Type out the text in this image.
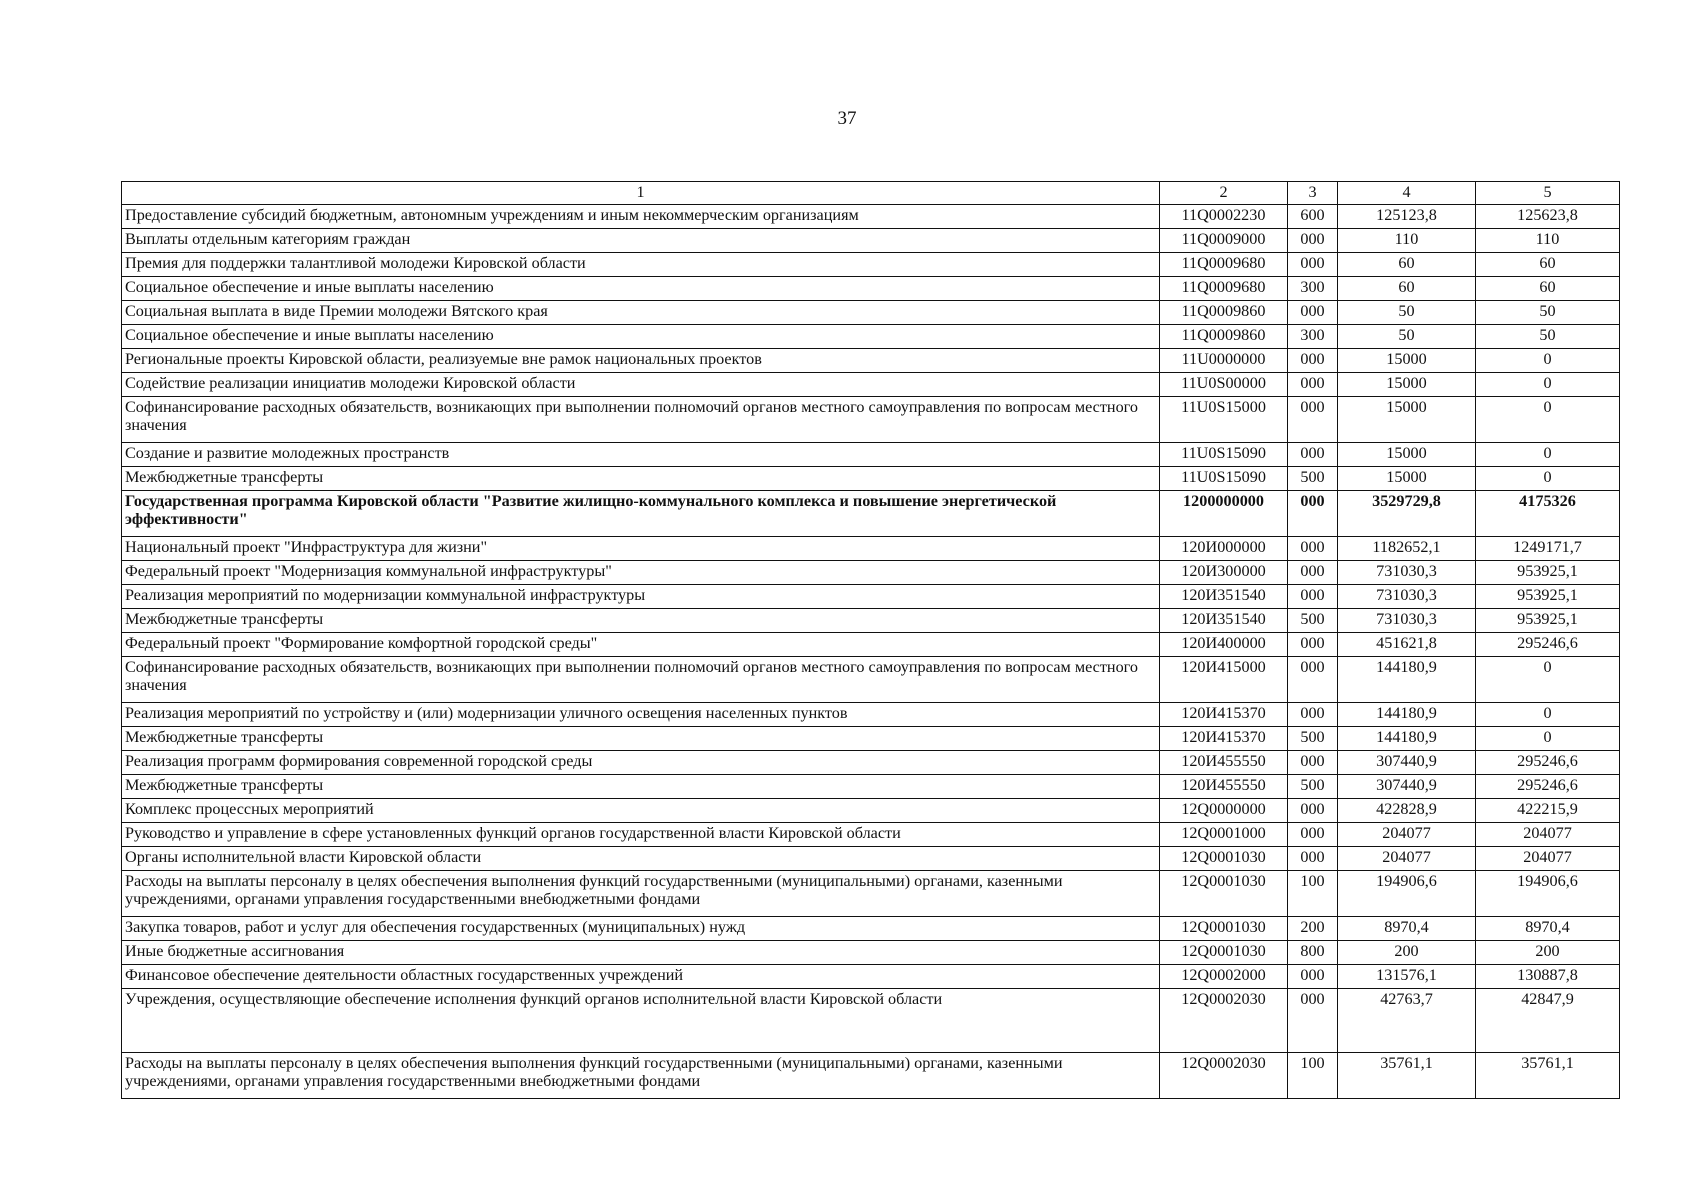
37
1	2	3	4	5
Предоставление субсидий бюджетным, автономным учреждениям и иным некоммерческим организациям	11Q0002230	600	125123,8	125623,8
Выплаты отдельным категориям граждан	11Q0009000	000	110	110
Премия для поддержки талантливой молодежи Кировской области	11Q0009680	000	60	60
Социальное обеспечение и иные выплаты населению	11Q0009680	300	60	60
Социальная выплата в виде Премии молодежи Вятского края	11Q0009860	000	50	50
Социальное обеспечение и иные выплаты населению	11Q0009860	300	50	50
Региональные проекты Кировской области, реализуемые вне рамок национальных проектов	11U0000000	000	15000	0
Содействие реализации инициатив молодежи Кировской области	11U0S00000	000	15000	0
Софинансирование расходных обязательств, возникающих при выполнении полномочий органов местного самоуправления по вопросам местного значения	11U0S15000	000	15000	0
Создание и развитие молодежных пространств	11U0S15090	000	15000	0
Межбюджетные трансферты	11U0S15090	500	15000	0
Государственная программа Кировской области "Развитие жилищно-коммунального комплекса и повышение энергетической эффективности"	1200000000	000	3529729,8	4175326
Национальный проект "Инфраструктура для жизни"	120И000000	000	1182652,1	1249171,7
Федеральный проект "Модернизация коммунальной инфраструктуры"	120И300000	000	731030,3	953925,1
Реализация мероприятий по модернизации коммунальной инфраструктуры	120И351540	000	731030,3	953925,1
Межбюджетные трансферты	120И351540	500	731030,3	953925,1
Федеральный проект "Формирование комфортной городской среды"	120И400000	000	451621,8	295246,6
Софинансирование расходных обязательств, возникающих при выполнении полномочий органов местного самоуправления по вопросам местного значения	120И415000	000	144180,9	0
Реализация мероприятий по устройству и (или) модернизации уличного освещения населенных пунктов	120И415370	000	144180,9	0
Межбюджетные трансферты	120И415370	500	144180,9	0
Реализация программ формирования современной городской среды	120И455550	000	307440,9	295246,6
Межбюджетные трансферты	120И455550	500	307440,9	295246,6
Комплекс процессных мероприятий	12Q0000000	000	422828,9	422215,9
Руководство и управление в сфере установленных функций органов государственной власти Кировской области	12Q0001000	000	204077	204077
Органы исполнительной власти Кировской области	12Q0001030	000	204077	204077
Расходы на выплаты персоналу в целях обеспечения выполнения функций государственными (муниципальными) органами, казенными учреждениями, органами управления государственными внебюджетными фондами	12Q0001030	100	194906,6	194906,6
Закупка товаров, работ и услуг для обеспечения государственных (муниципальных) нужд	12Q0001030	200	8970,4	8970,4
Иные бюджетные ассигнования	12Q0001030	800	200	200
Финансовое обеспечение деятельности областных государственных учреждений	12Q0002000	000	131576,1	130887,8
Учреждения, осуществляющие обеспечение исполнения функций органов исполнительной власти Кировской области	12Q0002030	000	42763,7	42847,9
Расходы на выплаты персоналу в целях обеспечения выполнения функций государственными (муниципальными) органами, казенными учреждениями, органами управления государственными внебюджетными фондами	12Q0002030	100	35761,1	35761,1
